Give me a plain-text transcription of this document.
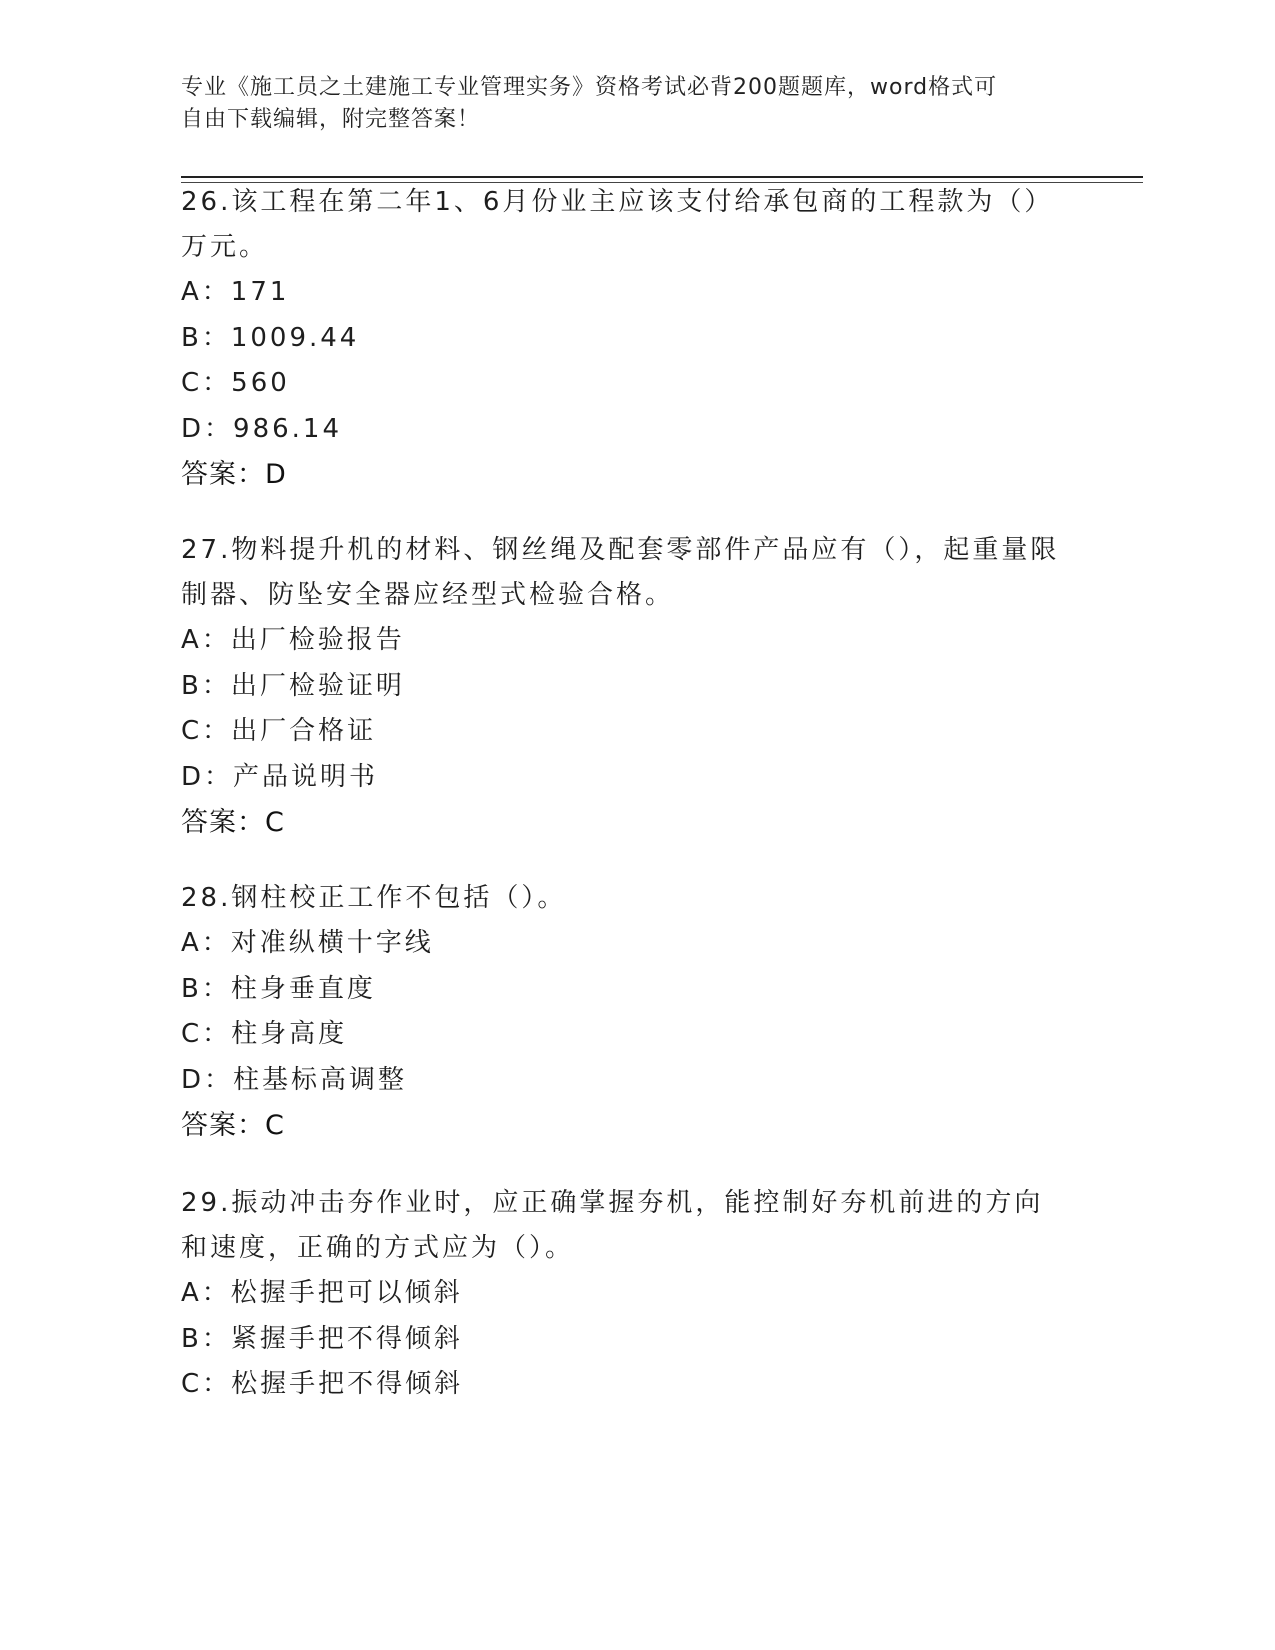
专业《施工员之土建施工专业管理实务》资格考试必背200题题库，word格式可
自由下载编辑，附完整答案！

26.该工程在第二年1、6月份业主应该支付给承包商的工程款为（）万元。

A：171
B：1009.44
C：560
D：986.14
答案：D

27.物料提升机的材料、钢丝绳及配套零部件产品应有（），起重量限制器、防坠安全器应经型式检验合格。

A：出厂检验报告
B：出厂检验证明
C：出厂合格证
D：产品说明书
答案：C

28.钢柱校正工作不包括（）。

A：对准纵横十字线
B：柱身垂直度
C：柱身高度
D：柱基标高调整
答案：C

29.振动冲击夯作业时，应正确掌握夯机，能控制好夯机前进的方向和速度，正确的方式应为（）。

A：松握手把可以倾斜
B：紧握手把不得倾斜
C：松握手把不得倾斜
